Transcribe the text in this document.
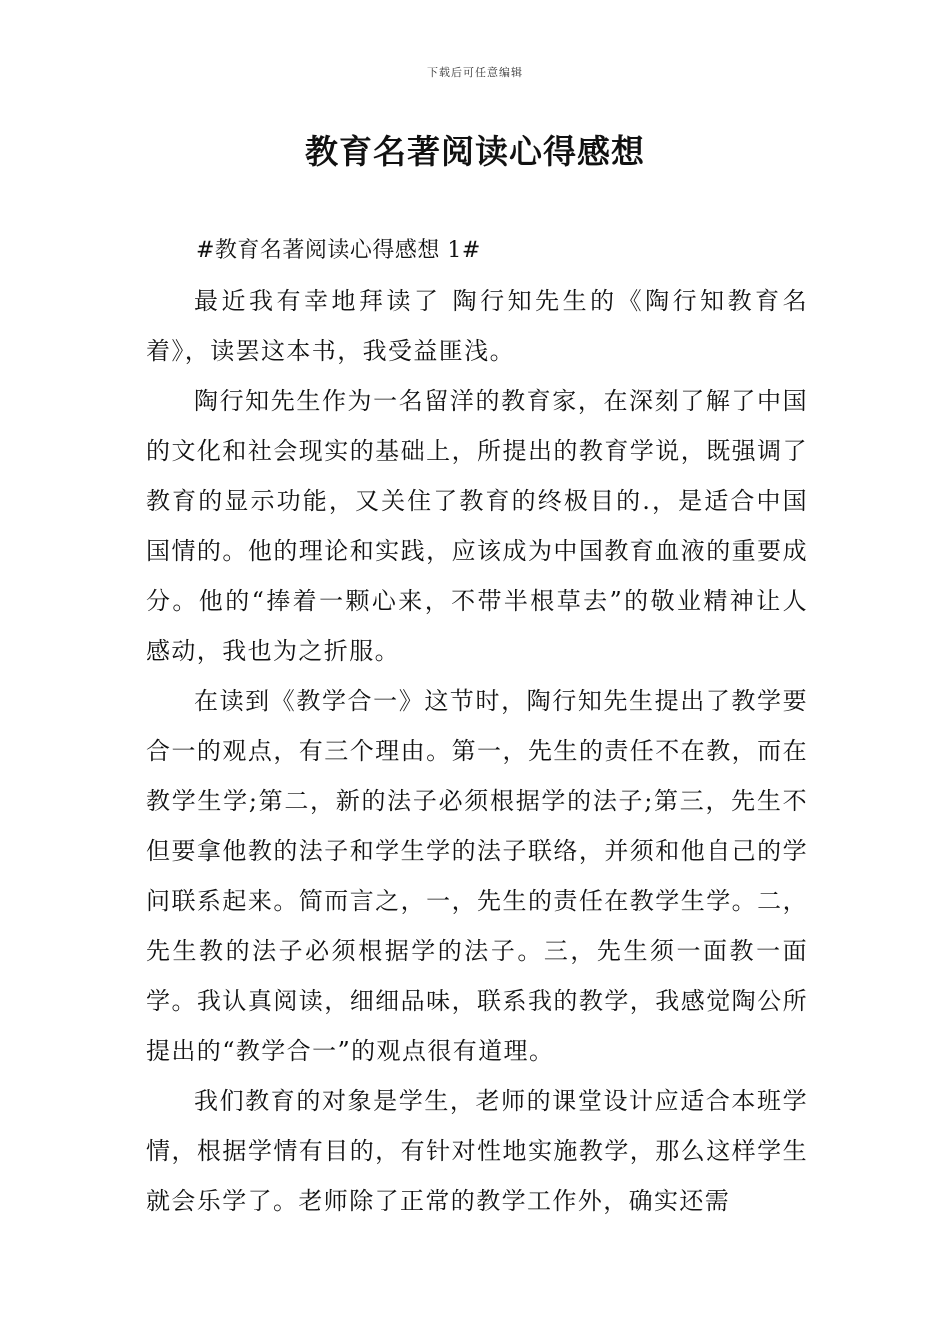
下载后可任意编辑
教育名著阅读心得感想
#教育名著阅读心得感想 1#

最近我有幸地拜读了 陶行知先生的《陶行知教育名着》，读罢这本书，我受益匪浅。

陶行知先生作为一名留洋的教育家，在深刻了解了中国的文化和社会现实的基础上，所提出的教育学说，既强调了教育的显示功能，又关住了教育的终极目的.，是适合中国国情的。他的理论和实践，应该成为中国教育血液的重要成分。他的“捧着一颗心来，不带半根草去”的敬业精神让人感动，我也为之折服。

在读到《教学合一》这节时，陶行知先生提出了教学要合一的观点，有三个理由。第一，先生的责任不在教，而在教学生学;第二，新的法子必须根据学的法子;第三，先生不但要拿他教的法子和学生学的法子联络，并须和他自己的学问联系起来。简而言之，一，先生的责任在教学生学。二，先生教的法子必须根据学的法子。三，先生须一面教一面学。我认真阅读，细细品味，联系我的教学，我感觉陶公所提出的“教学合一”的观点很有道理。

我们教育的对象是学生，老师的课堂设计应适合本班学情，根据学情有目的，有针对性地实施教学，那么这样学生就会乐学了。老师除了正常的教学工作外，确实还需
